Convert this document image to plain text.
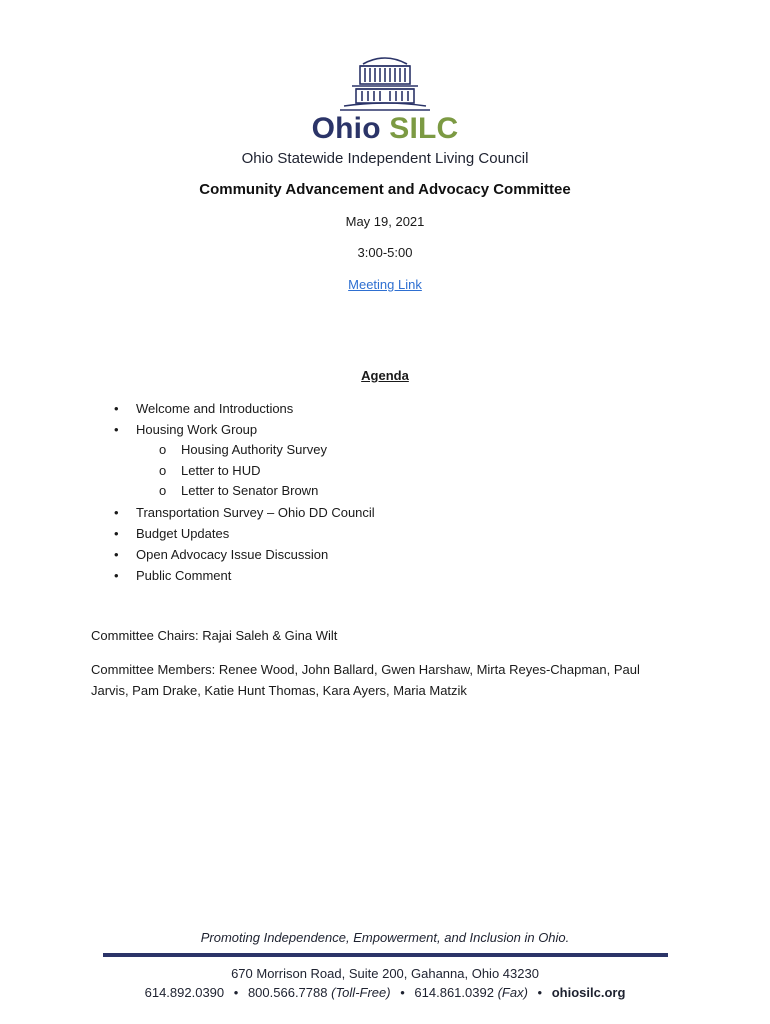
Ohio SILC
Ohio Statewide Independent Living Council
Community Advancement and Advocacy Committee
May 19, 2021
3:00-5:00
Meeting Link
Agenda
• Welcome and Introductions
• Housing Work Group
o Housing Authority Survey
o Letter to HUD
o Letter to Senator Brown
• Transportation Survey – Ohio DD Council
• Budget Updates
• Open Advocacy Issue Discussion
• Public Comment
Committee Chairs: Rajai Saleh & Gina Wilt
Committee Members: Renee Wood, John Ballard, Gwen Harshaw, Mirta Reyes-Chapman, Paul Jarvis, Pam Drake, Katie Hunt Thomas, Kara Ayers, Maria Matzik
Promoting Independence, Empowerment, and Inclusion in Ohio.
670 Morrison Road, Suite 200, Gahanna, Ohio 43230
614.892.0390 • 800.566.7788 (Toll-Free) • 614.861.0392 (Fax) • ohiosilc.org
